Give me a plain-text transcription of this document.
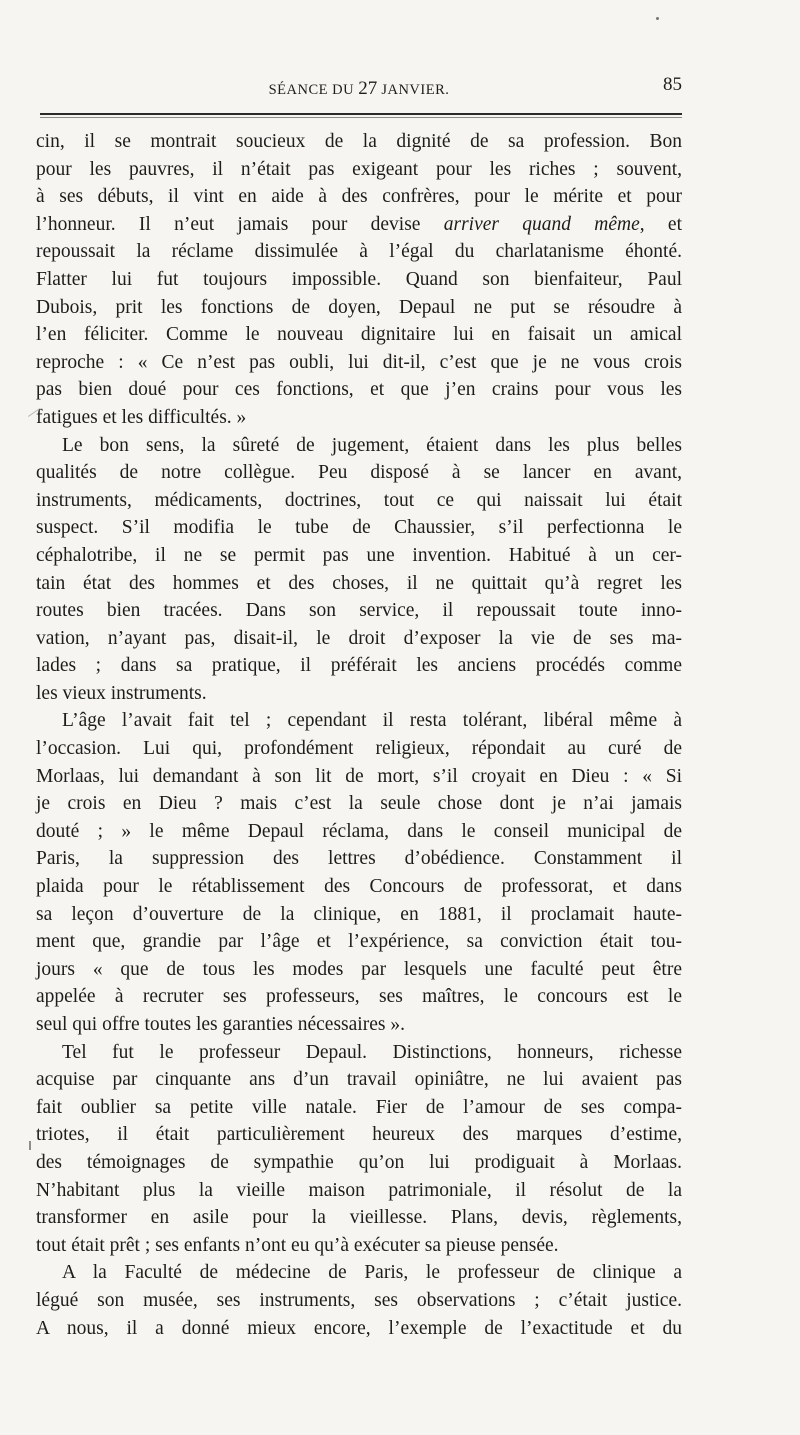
SÉANCE DU 27 JANVIER.	85

cin, il se montrait soucieux de la dignité de sa profession. Bon

pour les pauvres, il n’était pas exigeant pour les riches ; souvent,

à ses débuts, il vint en aide à des confrères, pour le mérite et pour

l’honneur. Il n’eut jamais pour devise arriver quand même, et

repoussait la réclame dissimulée à l’égal du charlatanisme éhonté.

Flatter lui fut toujours impossible. Quand son bienfaiteur, Paul

Dubois, prit les fonctions de doyen, Depaul ne put se résoudre à

l’en féliciter. Comme le nouveau dignitaire lui en faisait un amical

reproche : « Ce n’est pas oubli, lui dit-il, c’est que je ne vous crois

pas bien doué pour ces fonctions, et que j’en crains pour vous les

fatigues et les difficultés. »

Le bon sens, la sûreté de jugement, étaient dans les plus belles

qualités de notre collègue. Peu disposé à se lancer en avant,

instruments, médicaments, doctrines, tout ce qui naissait lui était

suspect. S’il modifia le tube de Chaussier, s’il perfectionna le

céphalotribe, il ne se permit pas une invention. Habitué à un cer-

tain état des hommes et des choses, il ne quittait qu’à regret les

routes bien tracées. Dans son service, il repoussait toute inno-

vation, n’ayant pas, disait-il, le droit d’exposer la vie de ses ma-

lades ; dans sa pratique, il préférait les anciens procédés comme

les vieux instruments.

L’âge l’avait fait tel ; cependant il resta tolérant, libéral même à

l’occasion. Lui qui, profondément religieux, répondait au curé de

Morlaas, lui demandant à son lit de mort, s’il croyait en Dieu : « Si

je crois en Dieu ? mais c’est la seule chose dont je n’ai jamais

douté ; » le même Depaul réclama, dans le conseil municipal de

Paris, la suppression des lettres d’obédience. Constamment il

plaida pour le rétablissement des Concours de professorat, et dans

sa leçon d’ouverture de la clinique, en 1881, il proclamait haute-

ment que, grandie par l’âge et l’expérience, sa conviction était tou-

jours « que de tous les modes par lesquels une faculté peut être

appelée à recruter ses professeurs, ses maîtres, le concours est le

seul qui offre toutes les garanties nécessaires ».

Tel fut le professeur Depaul. Distinctions, honneurs, richesse

acquise par cinquante ans d’un travail opiniâtre, ne lui avaient pas

fait oublier sa petite ville natale. Fier de l’amour de ses compa-

triotes, il était particulièrement heureux des marques d’estime,

des témoignages de sympathie qu’on lui prodiguait à Morlaas.

N’habitant plus la vieille maison patrimoniale, il résolut de la

transformer en asile pour la vieillesse. Plans, devis, règlements,

tout était prêt ; ses enfants n’ont eu qu’à exécuter sa pieuse pensée.

A la Faculté de médecine de Paris, le professeur de clinique a

légué son musée, ses instruments, ses observations ; c’était justice.

A nous, il a donné mieux encore, l’exemple de l’exactitude et du
